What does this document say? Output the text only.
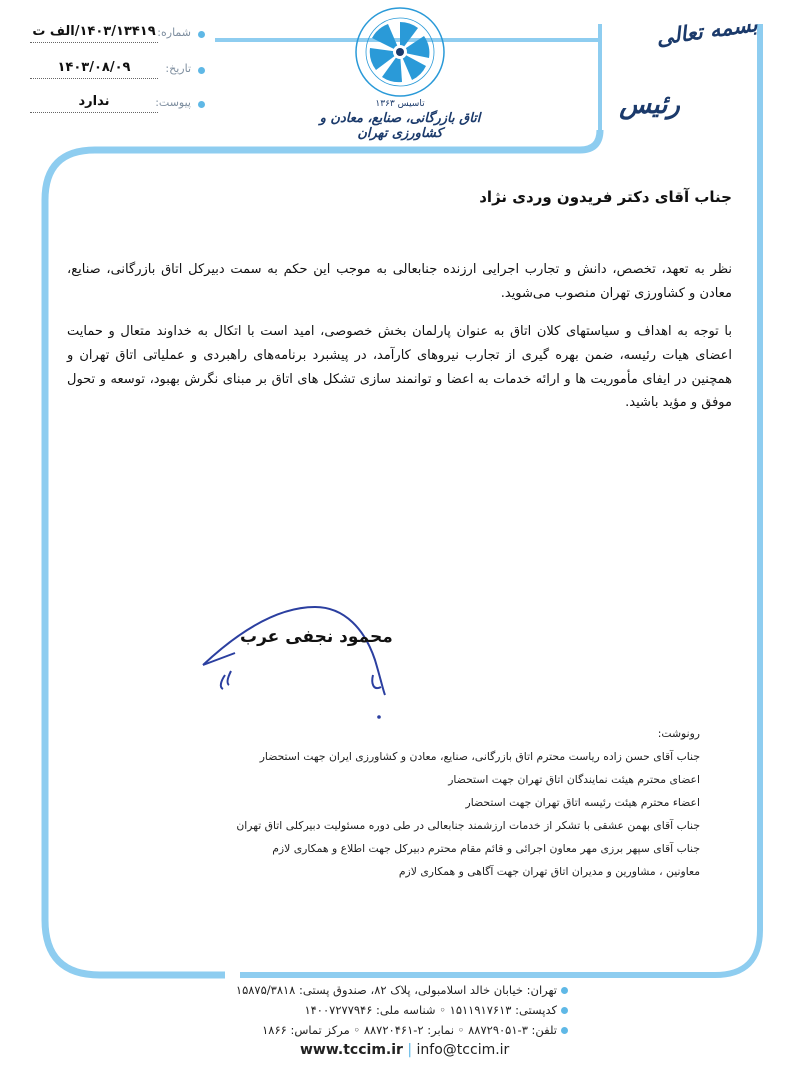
شماره:
۱۴۰۳/۱۳۴۱۹/الف ت
تاریخ:
۱۴۰۳/۰۸/۰۹
پیوست:
ندارد	تاسیس ۱۳۶۳
اتاق بازرگانی، صنایع، معادن و کشاورزی تهران
بسمه تعالی
رئیس
جناب آقای دکتر فریدون وردی نژاد
نظر به تعهد، تخصص، دانش و تجارب اجرایی ارزنده جنابعالی به موجب این حکم به سمت دبیرکل اتاق بازرگانی، صنایع،
معادن و کشاورزی تهران منصوب می‌شوید.
با توجه به اهداف و سیاستهای کلان اتاق به عنوان پارلمان بخش خصوصی، امید است با اتکال به خداوند متعال و حمایت
اعضای هیات رئیسه، ضمن بهره گیری از تجارب نیروهای کارآمد، در پیشبرد برنامه‌های راهبردی و عملیاتی اتاق تهران و
همچنین در ایفای مأموریت ها و ارائه خدمات به اعضا و توانمند سازی تشکل های اتاق بر مبنای نگرش بهبود، توسعه و تحول
موفق و مؤید باشید.
محمود نجفی عرب
رونوشت:
جناب آقای حسن زاده ریاست محترم اتاق بازرگانی، صنایع، معادن و کشاورزی ایران جهت استحضار
اعضای محترم هیئت نمایندگان اتاق تهران جهت استحضار
اعضاء محترم هیئت رئیسه اتاق تهران جهت استحضار
جناب آقای بهمن عشقی با تشکر از خدمات ارزشمند جنابعالی در طی دوره مسئولیت دبیرکلی اتاق تهران
جناب آقای سپهر برزی مهر معاون اجرائی و قائم مقام محترم دبیرکل جهت اطلاع و همکاری لازم
معاونین ، مشاورین و مدیران اتاق تهران جهت آگاهی و همکاری لازم
تهران: خیابان خالد اسلامبولی، پلاک ۸۲، صندوق پستی: ۱۵۸۷۵/۳۸۱۸
کدپستی: ۱۵۱۱۹۱۷۶۱۳ ◦ شناسه ملی: ۱۴۰۰۷۲۷۷۹۴۶
تلفن: ۳-۸۸۷۲۹۰۵۱ ◦ نمابر: ۲-۸۸۷۲۰۴۶۱ ◦ مرکز تماس: ۱۸۶۶
www.tccim.ir | info@tccim.ir
